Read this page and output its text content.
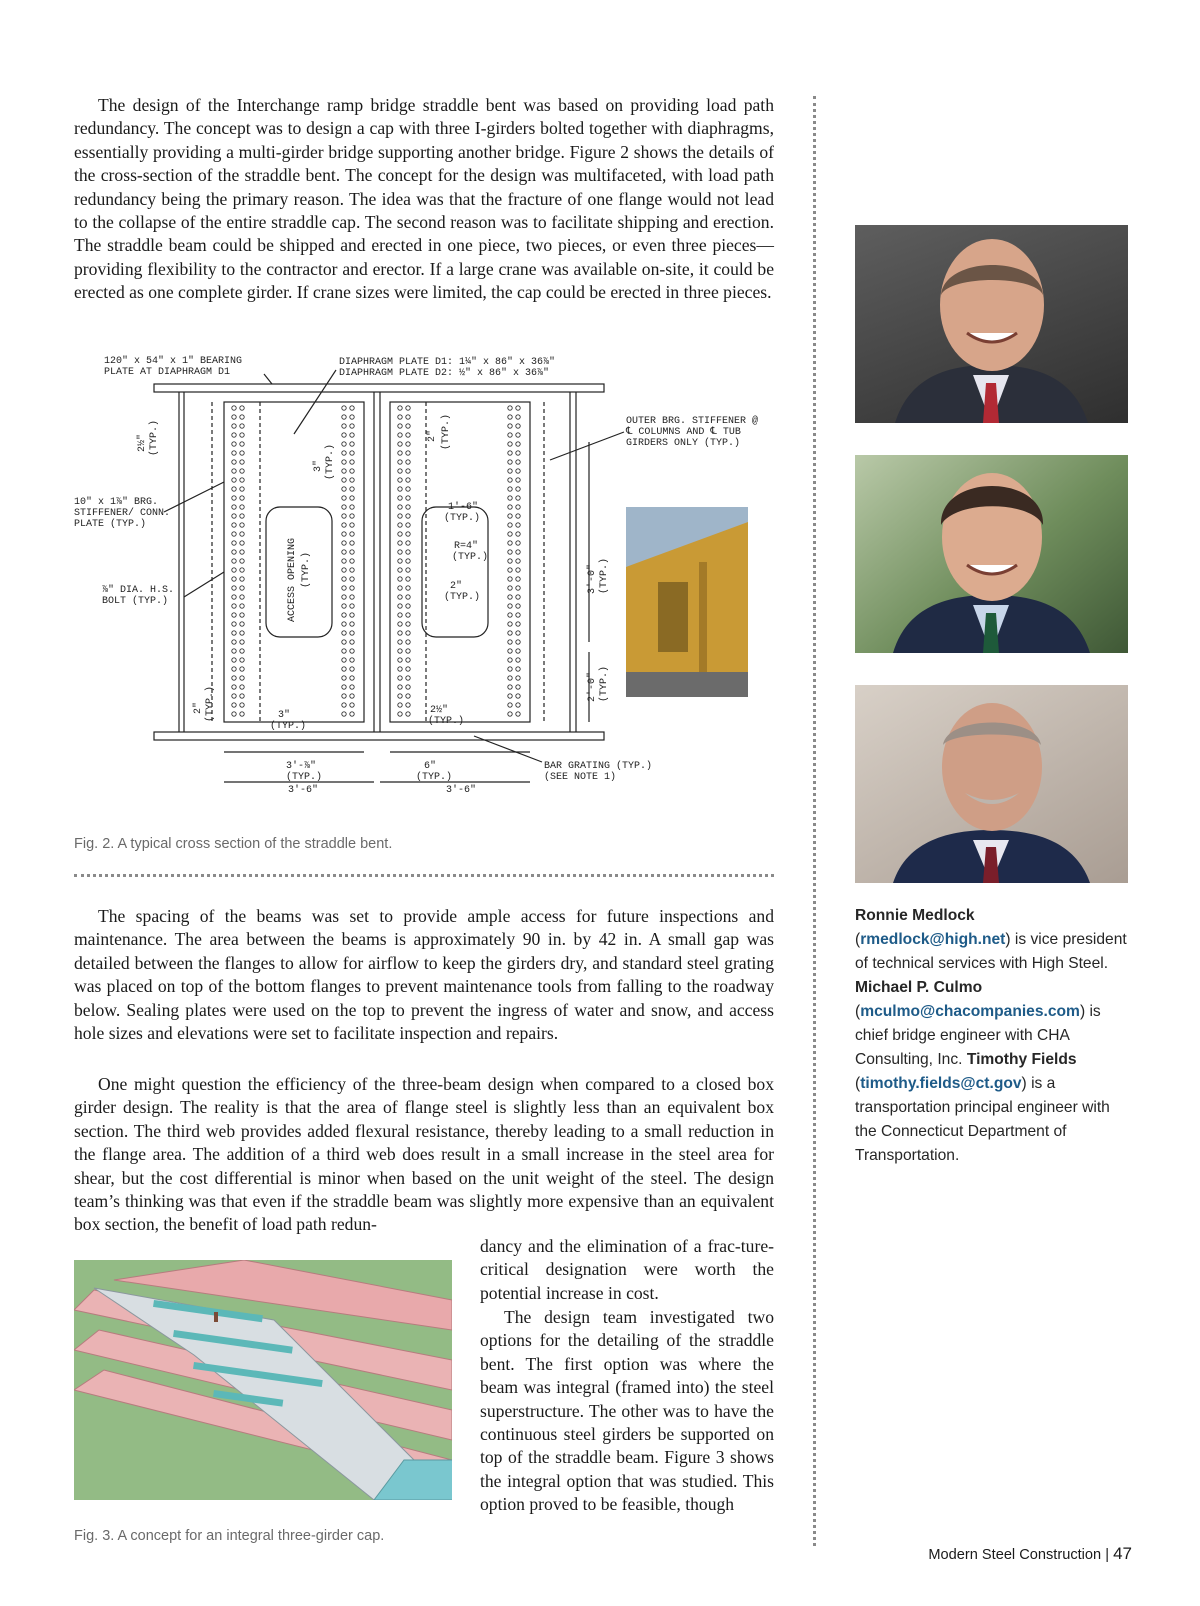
The design of the Interchange ramp bridge straddle bent was based on providing load path redundancy. The concept was to design a cap with three I-girders bolted together with diaphragms, essentially providing a multi-girder bridge supporting another bridge. Figure 2 shows the details of the cross-section of the straddle bent. The concept for the design was multifaceted, with load path redundancy being the primary reason. The idea was that the fracture of one flange would not lead to the collapse of the entire straddle cap. The second reason was to facilitate shipping and erection. The straddle beam could be shipped and erected in one piece, two pieces, or even three pieces—providing flexibility to the contractor and erector. If a large crane was available on-site, it could be erected as one complete girder. If crane sizes were limited, the cap could be erected in three pieces.

120" x 54" x 1" BEARING
PLATE AT DIAPHRAGM D1
DIAPHRAGM PLATE D1: 1¼" x 86" x 36⅞"
DIAPHRAGM PLATE D2: ½" x 86" x 36⅞"
OUTER BRG. STIFFENER @
℄ COLUMNS AND ℄ TUB
GIRDERS ONLY (TYP.)
10" x 1⅞" BRG.
STIFFENER/ CONN.
PLATE (TYP.)
⅞" DIA. H.S.
BOLT (TYP.)
1'-6"
(TYP.)
R=4"
(TYP.)
2"
(TYP.)
2½"
(TYP.)
3"
(TYP.)
3'-⅞"
(TYP.)
3'-6"
6"
(TYP.)
3'-6"
BAR GRATING (TYP.)
(SEE NOTE 1)
2½" (TYP.)
3" (TYP.)
2" (TYP.)
ACCESS OPENING (TYP.)	3'-0" (TYP.)
2'-0" (TYP.)
2" (TYP.)

Fig. 2. A typical cross section of the straddle bent.

The spacing of the beams was set to provide ample access for future inspections and maintenance. The area between the beams is approximately 90 in. by 42 in. A small gap was detailed between the flanges to allow for airflow to keep the girders dry, and standard steel grating was placed on top of the bottom flanges to prevent maintenance tools from falling to the roadway below. Sealing plates were used on the top to prevent the ingress of water and snow, and access hole sizes and elevations were set to facilitate inspection and repairs.

One might question the efficiency of the three-beam design when compared to a closed box girder design. The reality is that the area of flange steel is slightly less than an equivalent box section. The third web provides added flexural resistance, thereby leading to a small reduction in the flange area. The addition of a third web does result in a small increase in the steel area for shear, but the cost differential is minor when based on the unit weight of the steel. The design team’s thinking was that even if the straddle beam was slightly more expensive than an equivalent box section, the benefit of load path redun-

dancy and the elimination of a frac-ture-critical designation were worth the potential increase in cost.

The design team investigated two options for the detailing of the straddle bent. The first option was where the beam was integral (framed into) the steel superstructure. The other was to have the continuous steel girders be supported on top of the straddle beam. Figure 3 shows the integral option that was studied. This option proved to be feasible, though

Fig. 3. A concept for an integral three-girder cap.

Ronnie Medlock
(rmedlock@high.net) is vice president of technical services with High Steel. Michael P. Culmo (mculmo@chacompanies.com) is chief bridge engineer with CHA Consulting, Inc. Timothy Fields (timothy.fields@ct.gov) is a transportation principal engineer with the Connecticut Department of Transportation.
Modern Steel Construction | 47
